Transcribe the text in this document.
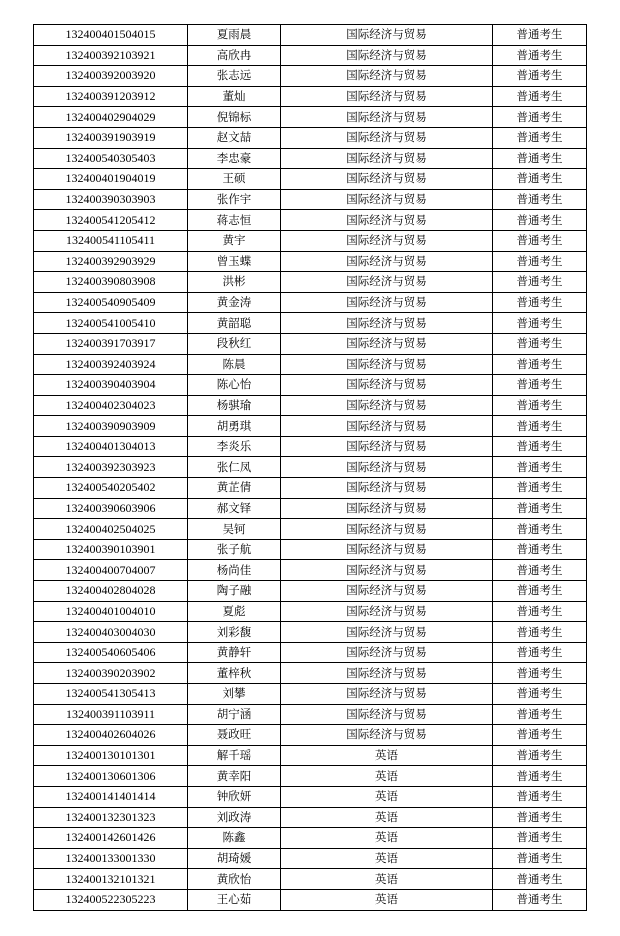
132400401504015	夏雨晨	国际经济与贸易	普通考生
132400392103921	高欣冉	国际经济与贸易	普通考生
132400392003920	张志远	国际经济与贸易	普通考生
132400391203912	董灿	国际经济与贸易	普通考生
132400402904029	倪锦标	国际经济与贸易	普通考生
132400391903919	赵文喆	国际经济与贸易	普通考生
132400540305403	李忠豪	国际经济与贸易	普通考生
132400401904019	王硕	国际经济与贸易	普通考生
132400390303903	张作宇	国际经济与贸易	普通考生
132400541205412	蒋志恒	国际经济与贸易	普通考生
132400541105411	黄宇	国际经济与贸易	普通考生
132400392903929	曾玉蝶	国际经济与贸易	普通考生
132400390803908	洪彬	国际经济与贸易	普通考生
132400540905409	黄金涛	国际经济与贸易	普通考生
132400541005410	黄韶聪	国际经济与贸易	普通考生
132400391703917	段秋红	国际经济与贸易	普通考生
132400392403924	陈晨	国际经济与贸易	普通考生
132400390403904	陈心怡	国际经济与贸易	普通考生
132400402304023	杨骐瑜	国际经济与贸易	普通考生
132400390903909	胡勇琪	国际经济与贸易	普通考生
132400401304013	李炎乐	国际经济与贸易	普通考生
132400392303923	张仁凤	国际经济与贸易	普通考生
132400540205402	黄芷倩	国际经济与贸易	普通考生
132400390603906	郝文铎	国际经济与贸易	普通考生
132400402504025	吴钶	国际经济与贸易	普通考生
132400390103901	张子航	国际经济与贸易	普通考生
132400400704007	杨尚佳	国际经济与贸易	普通考生
132400402804028	陶子融	国际经济与贸易	普通考生
132400401004010	夏彪	国际经济与贸易	普通考生
132400403004030	刘彩馥	国际经济与贸易	普通考生
132400540605406	黄静轩	国际经济与贸易	普通考生
132400390203902	董梓秋	国际经济与贸易	普通考生
132400541305413	刘攀	国际经济与贸易	普通考生
132400391103911	胡宁涵	国际经济与贸易	普通考生
132400402604026	聂政旺	国际经济与贸易	普通考生
132400130101301	解千瑶	英语	普通考生
132400130601306	黄幸阳	英语	普通考生
132400141401414	钟欣妍	英语	普通考生
132400132301323	刘政涛	英语	普通考生
132400142601426	陈鑫	英语	普通考生
132400133001330	胡琦媛	英语	普通考生
132400132101321	黄欣怡	英语	普通考生
132400522305223	王心茹	英语	普通考生
